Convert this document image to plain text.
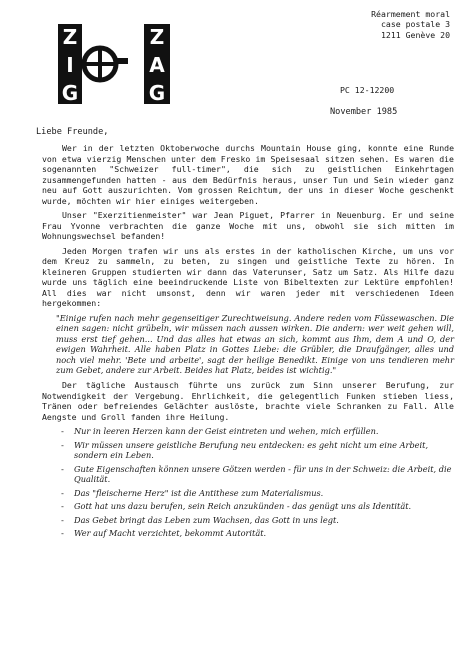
Z
I
G
Z
A
G
Réarmement moral
case postale 3
1211 Genève 20
PC 12-12200
November 1985
Liebe Freunde,

Wer in der letzten Oktoberwoche durchs Mountain House ging, konnte eine Runde von etwa vierzig Menschen unter dem Fresko im Speisesaal sitzen sehen. Es waren die sogenannten "Schweizer full-timer", die sich zu geistlichen Einkehrtagen zusammengefunden hatten - aus dem Bedürfnis heraus, unser Tun und Sein wieder ganz neu auf Gott auszurichten. Vom grossen Reichtum, der uns in dieser Woche geschenkt wurde, möchten wir hier einiges weitergeben.

Unser "Exerzitienmeister" war Jean Piguet, Pfarrer in Neuenburg. Er und seine Frau Yvonne verbrachten die ganze Woche mit uns, obwohl sie sich mitten im Wohnungswechsel befanden!

Jeden Morgen trafen wir uns als erstes in der katholischen Kirche, um uns vor dem Kreuz zu sammeln, zu beten, zu singen und geistliche Texte zu hören. In kleineren Gruppen studierten wir dann das Vaterunser, Satz um Satz. Als Hilfe dazu wurde uns täglich eine beeindruckende Liste von Bibeltexten zur Lektüre empfohlen! All dies war nicht umsonst, denn wir waren jeder mit verschiedenen Ideen hergekommen:

"Einige rufen nach mehr gegenseitiger Zurechtweisung. Andere reden vom Füssewaschen. Die einen sagen: nicht grübeln, wir müssen nach aussen wirken. Die andern: wer weit gehen will, muss erst tief gehen... Und das alles hat etwas an sich, kommt aus Ihm, dem A und O, der ewigen Wahrheit. Alle haben Platz in Gottes Liebe: die Grübler, die Draufgänger, alles und noch viel mehr. 'Bete und arbeite', sagt der heilige Benedikt. Einige von uns tendieren mehr zum Gebet, andere zur Arbeit. Beides hat Platz, beides ist wichtig."

Der tägliche Austausch führte uns zurück zum Sinn unserer Berufung, zur Notwendigkeit der Vergebung. Ehrlichkeit, die gelegentlich Funken stieben liess, Tränen oder befreiendes Gelächter auslöste, brachte viele Schranken zu Fall. Alle Aengste und Groll fanden ihre Heilung.

- Nur in leeren Herzen kann der Geist eintreten und wehen, mich erfüllen.
- Wir müssen unsere geistliche Berufung neu entdecken: es geht nicht um eine Arbeit, sondern ein Leben.
- Gute Eigenschaften können unsere Götzen werden - für uns in der Schweiz: die Arbeit, die Qualität.
- Das "fleischerne Herz" ist die Antithese zum Materialismus.
- Gott hat uns dazu berufen, sein Reich anzukünden - das genügt uns als Identität.
- Das Gebet bringt das Leben zum Wachsen, das Gott in uns legt.
- Wer auf Macht verzichtet, bekommt Autorität.
